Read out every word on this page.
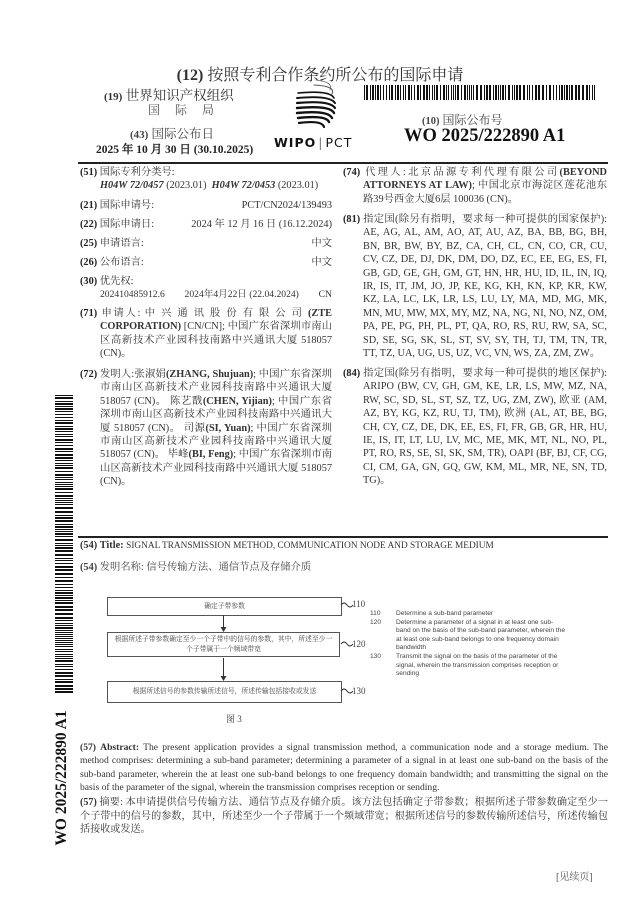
(12) 按照专利合作条约所公布的国际申请
(19) 世界知识产权组织
国 际 局
(43) 国际公布日
2025 年 10 月 30 日 (30.10.2025) WIPO | PCT
(10) 国际公布号
WO 2025/222890 A1
(51) 国际专利分类号:
H04W 72/0457 (2023.01) H04W 72/0453 (2023.01)
(21) 国际申请号:	PCT/CN2024/139493
(22) 国际申请日:	2024 年 12 月 16 日 (16.12.2024)
(25) 申请语言:	中文
(26) 公布语言:	中文
(30) 优先权:
202410485912.6 2024年4月22日 (22.04.2024) CN
(71) 申请人: 中 兴 通 讯 股 份 有 限 公 司 (ZTE CORPORATION) [CN/CN]; 中国广东省深圳市南山区高新技术产业园科技南路中兴通讯大厦 518057 (CN)。
(72) 发明人:张淑娟(ZHANG, Shujuan); 中国广东省深圳市南山区高新技术产业园科技南路中兴通讯大厦 518057 (CN)。 陈艺戬(CHEN, Yijian); 中国广东省深圳市南山区高新技术产业园科技南路中兴通讯大厦 518057 (CN)。 司源(SI, Yuan); 中国广东省深圳市南山区高新技术产业园科技南路中兴通讯大厦 518057 (CN)。 毕峰(BI, Feng); 中国广东省深圳市南山区高新技术产业园科技南路中兴通讯大厦 518057 (CN)。
(74) 代理人:北京品源专利代理有限公司(BEYOND ATTORNEYS AT LAW); 中国北京市海淀区莲花池东路39号西金大厦6层 100036 (CN)。
(81) 指定国(除另有指明，要求每一种可提供的国家保护): AE, AG, AL, AM, AO, AT, AU, AZ, BA, BB, BG, BH, BN, BR, BW, BY, BZ, CA, CH, CL, CN, CO, CR, CU, CV, CZ, DE, DJ, DK, DM, DO, DZ, EC, EE, EG, ES, FI, GB, GD, GE, GH, GM, GT, HN, HR, HU, ID, IL, IN, IQ, IR, IS, IT, JM, JO, JP, KE, KG, KH, KN, KP, KR, KW, KZ, LA, LC, LK, LR, LS, LU, LY, MA, MD, MG, MK, MN, MU, MW, MX, MY, MZ, NA, NG, NI, NO, NZ, OM, PA, PE, PG, PH, PL, PT, QA, RO, RS, RU, RW, SA, SC, SD, SE, SG, SK, SL, ST, SV, SY, TH, TJ, TM, TN, TR, TT, TZ, UA, UG, US, UZ, VC, VN, WS, ZA, ZM, ZW。
(84) 指定国(除另有指明，要求每一种可提供的地区保护): ARIPO (BW, CV, GH, GM, KE, LR, LS, MW, MZ, NA, RW, SC, SD, SL, ST, SZ, TZ, UG, ZM, ZW), 欧亚 (AM, AZ, BY, KG, KZ, RU, TJ, TM), 欧洲 (AL, AT, BE, BG, CH, CY, CZ, DE, DK, EE, ES, FI, FR, GB, GR, HR, HU, IE, IS, IT, LT, LU, LV, MC, ME, MK, MT, NL, NO, PL, PT, RO, RS, SE, SI, SK, SM, TR), OAPI (BF, BJ, CF, CG, CI, CM, GA, GN, GQ, GW, KM, ML, MR, NE, SN, TD, TG)。
(54) Title: SIGNAL TRANSMISSION METHOD, COMMUNICATION NODE AND STORAGE MEDIUM
(54) 发明名称: 信号传输方法、通信节点及存储介质
确定子带参数
根据所述子带参数确定至少一个子带中的信号的参数，其中，所述至少一个子带属于一个频域带宽
根据所述信号的参数传输所述信号，所述传输包括接收或发送
110
120
130
图 3
110	Determine a sub-band parameter
120	Determine a parameter of a signal in at least one sub-band on the basis of the sub-band parameter, wherein the at least one sub-band belongs to one frequency domain bandwidth
130	Transmit the signal on the basis of the parameter of the signal, wherein the transmission comprises reception or sending
(57) Abstract: The present application provides a signal transmission method, a communication node and a storage medium. The method comprises: determining a sub-band parameter; determining a parameter of a signal in at least one sub-band on the basis of the sub-band parameter, wherein the at least one sub-band belongs to one frequency domain bandwidth; and transmitting the signal on the basis of the parameter of the signal, wherein the transmission comprises reception or sending.
(57) 摘要: 本申请提供信号传输方法、通信节点及存储介质。该方法包括确定子带参数；根据所述子带参数确定至少一个子带中的信号的参数，其中，所述至少一个子带属于一个频域带宽；根据所述信号的参数传输所述信号，所述传输包括接收或发送。
[见续页]
WO 2025/222890 A1
